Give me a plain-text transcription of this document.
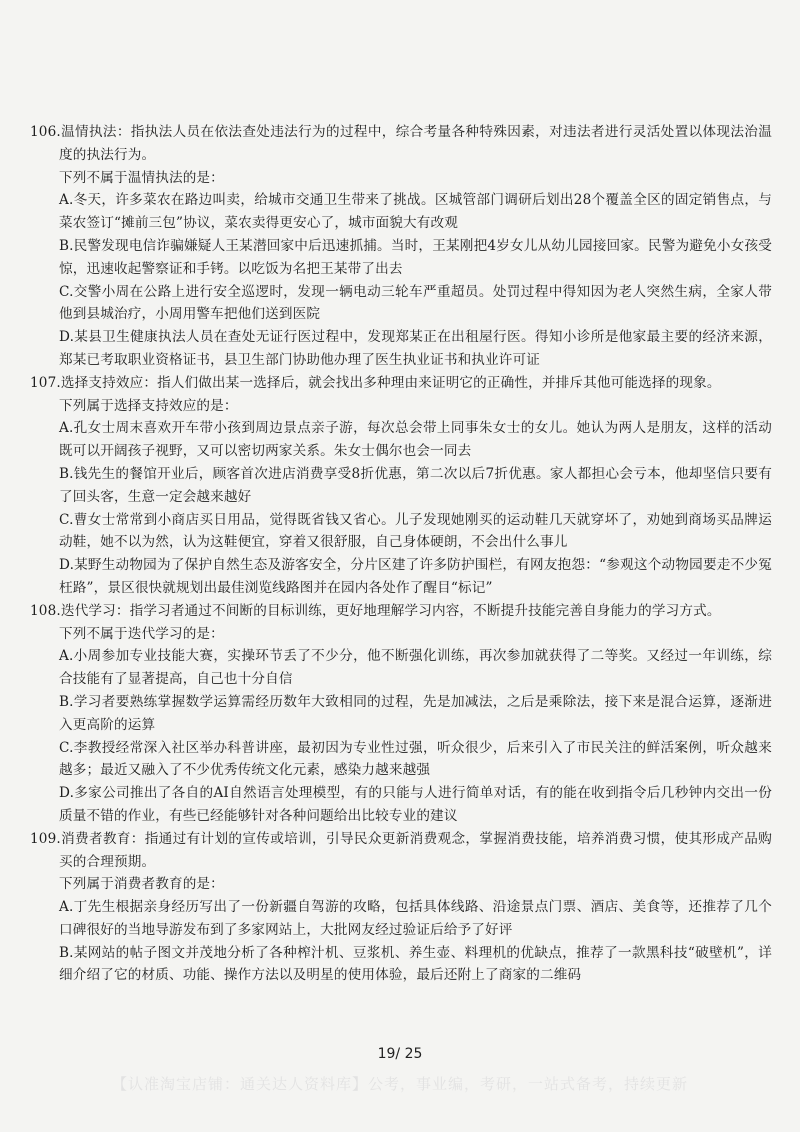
106.温情执法：指执法人员在依法查处违法行为的过程中，综合考量各种特殊因素，对违法者进行灵活处置以体现法治温度的执法行为。

下列不属于温情执法的是：

A.冬天，许多菜农在路边叫卖，给城市交通卫生带来了挑战。区城管部门调研后划出28个覆盖全区的固定销售点，与菜农签订“摊前三包”协议，菜农卖得更安心了，城市面貌大有改观

B.民警发现电信诈骗嫌疑人王某潜回家中后迅速抓捕。当时，王某刚把4岁女儿从幼儿园接回家。民警为避免小女孩受惊，迅速收起警察证和手铐。以吃饭为名把王某带了出去

C.交警小周在公路上进行安全巡逻时，发现一辆电动三轮车严重超员。处罚过程中得知因为老人突然生病，全家人带他到县城治疗，小周用警车把他们送到医院

D.某县卫生健康执法人员在查处无证行医过程中，发现郑某正在出租屋行医。得知小诊所是他家最主要的经济来源，郑某已考取职业资格证书，县卫生部门协助他办理了医生执业证书和执业许可证

107.选择支持效应：指人们做出某一选择后，就会找出多种理由来证明它的正确性，并排斥其他可能选择的现象。

下列属于选择支持效应的是：

A.孔女士周末喜欢开车带小孩到周边景点亲子游，每次总会带上同事朱女士的女儿。她认为两人是朋友，这样的活动既可以开阔孩子视野，又可以密切两家关系。朱女士偶尔也会一同去

B.钱先生的餐馆开业后，顾客首次进店消费享受8折优惠，第二次以后7折优惠。家人都担心会亏本，他却坚信只要有了回头客，生意一定会越来越好

C.曹女士常常到小商店买日用品，觉得既省钱又省心。儿子发现她刚买的运动鞋几天就穿坏了，劝她到商场买品牌运动鞋，她不以为然，认为这鞋便宜，穿着又很舒服，自己身体硬朗，不会出什么事儿

D.某野生动物园为了保护自然生态及游客安全，分片区建了许多防护围栏，有网友抱怨：“参观这个动物园要走不少冤枉路”，景区很快就规划出最佳浏览线路图并在园内各处作了醒目“标记”

108.迭代学习：指学习者通过不间断的目标训练，更好地理解学习内容，不断提升技能完善自身能力的学习方式。

下列不属于迭代学习的是：

A.小周参加专业技能大赛，实操环节丢了不少分，他不断强化训练，再次参加就获得了二等奖。又经过一年训练，综合技能有了显著提高，自己也十分自信

B.学习者要熟练掌握数学运算需经历数年大致相同的过程，先是加减法，之后是乘除法，接下来是混合运算，逐渐进入更高阶的运算

C.李教授经常深入社区举办科普讲座，最初因为专业性过强，听众很少，后来引入了市民关注的鲜活案例，听众越来越多；最近又融入了不少优秀传统文化元素，感染力越来越强

D.多家公司推出了各自的AI自然语言处理模型，有的只能与人进行简单对话，有的能在收到指令后几秒钟内交出一份质量不错的作业，有些已经能够针对各种问题给出比较专业的建议

109.消费者教育：指通过有计划的宣传或培训，引导民众更新消费观念，掌握消费技能，培养消费习惯，使其形成产品购买的合理预期。

下列属于消费者教育的是：

A.丁先生根据亲身经历写出了一份新疆自驾游的攻略，包括具体线路、沿途景点门票、酒店、美食等，还推荐了几个口碑很好的当地导游发布到了多家网站上，大批网友经过验证后给予了好评

B.某网站的帖子图文并茂地分析了各种榨汁机、豆浆机、养生壶、料理机的优缺点，推荐了一款黑科技“破壁机”，详细介绍了它的材质、功能、操作方法以及明星的使用体验，最后还附上了商家的二维码

19/ 25
【认准淘宝店铺：通关达人资料库】公考，事业编，考研，一站式备考，持续更新
